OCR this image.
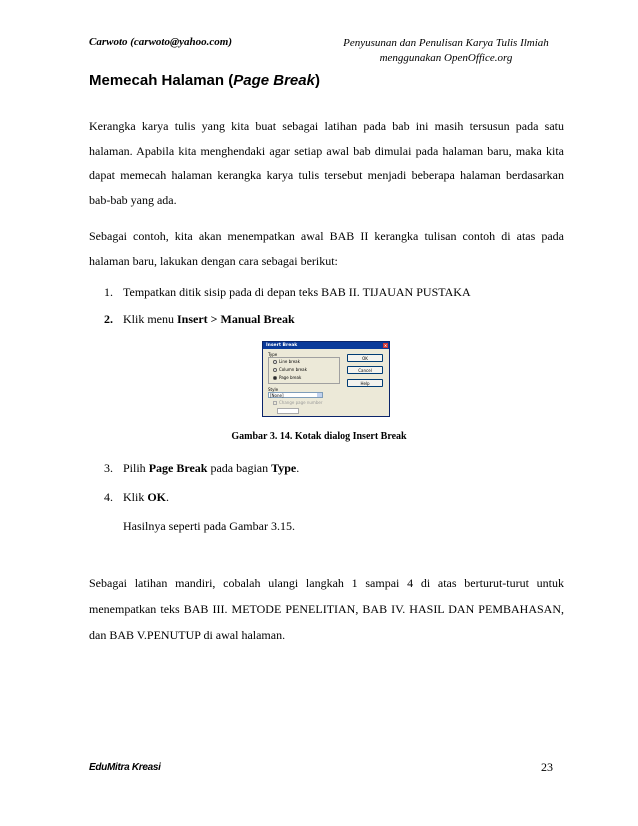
Carwoto (carwoto@yahoo.com)	Penyusunan dan Penulisan Karya Tulis Ilmiah
menggunakan OpenOffice.org
Memecah Halaman (Page Break)

Kerangka karya tulis yang kita buat sebagai latihan pada bab ini masih tersusun pada satu halaman. Apabila kita menghendaki agar setiap awal bab dimulai pada halaman baru, maka kita dapat memecah halaman kerangka karya tulis tersebut menjadi beberapa halaman berdasarkan bab-bab yang ada.

Sebagai contoh, kita akan menempatkan awal BAB II kerangka tulisan contoh di atas pada halaman baru, lakukan dengan cara sebagai berikut:

1. Tempatkan ditik sisip pada di depan teks BAB II. TIJAUAN PUSTAKA
2. Klik menu Insert > Manual Break
Insert Break	×
Type
Line break
Column break
Page break
Style
[None]
Change page number
OK
Cancel
Help
Gambar 3. 14. Kotak dialog Insert Break
3. Pilih Page Break pada bagian Type.
4. Klik OK.
Hasilnya seperti pada Gambar 3.15.

Sebagai latihan mandiri, cobalah ulangi langkah 1 sampai 4 di atas berturut-turut untuk menempatkan teks BAB III. METODE PENELITIAN, BAB IV. HASIL DAN PEMBAHASAN, dan BAB V.PENUTUP di awal halaman.

EduMitra Kreasi	23
